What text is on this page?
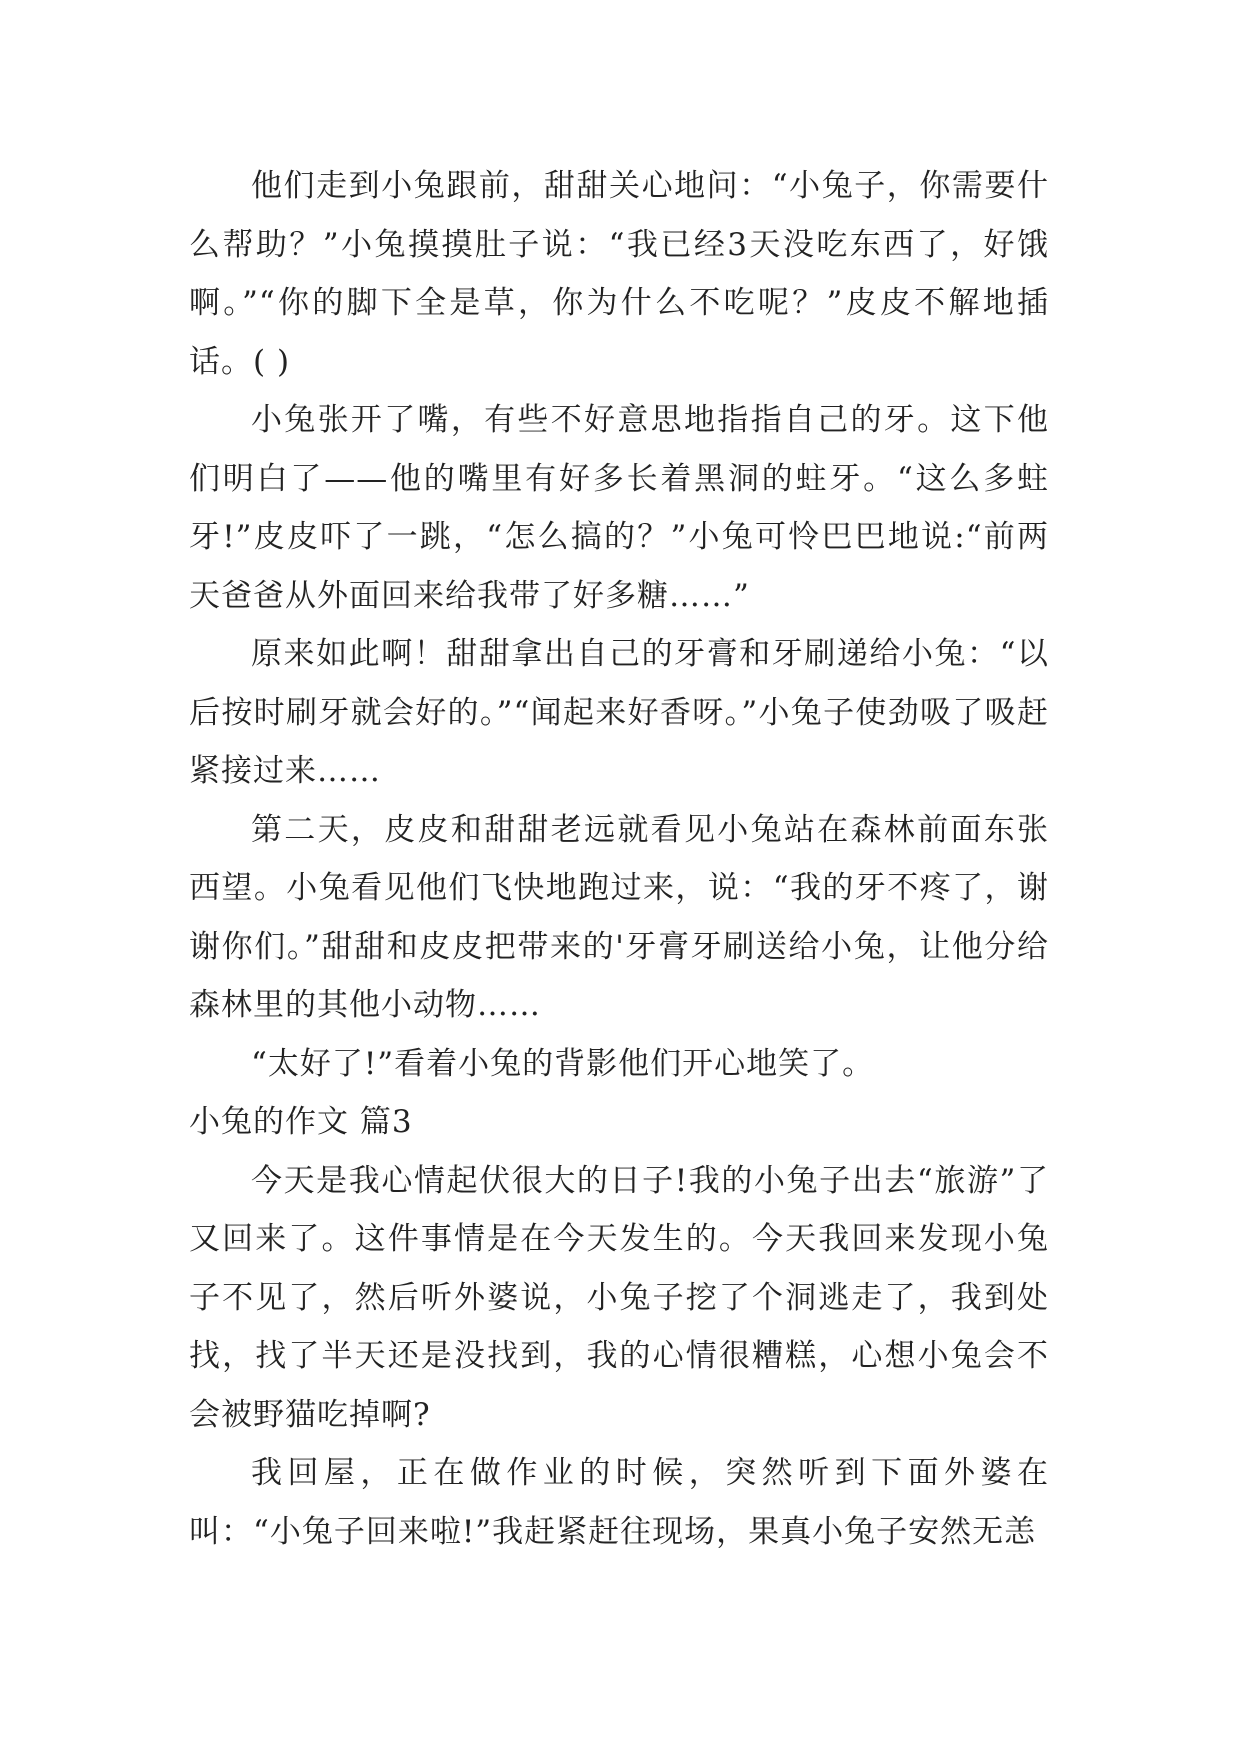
他们走到小兔跟前，甜甜关心地问：“小兔子，你需要什么帮助？”小兔摸摸肚子说：“我已经3天没吃东西了，好饿啊。”“你的脚下全是草，你为什么不吃呢？”皮皮不解地插话。( )

小兔张开了嘴，有些不好意思地指指自己的牙。这下他们明白了——他的嘴里有好多长着黑洞的蛀牙。“这么多蛀牙!”皮皮吓了一跳，“怎么搞的？”小兔可怜巴巴地说:“前两天爸爸从外面回来给我带了好多糖……”

原来如此啊！甜甜拿出自己的牙膏和牙刷递给小兔：“以后按时刷牙就会好的。”“闻起来好香呀。”小兔子使劲吸了吸赶紧接过来……

第二天，皮皮和甜甜老远就看见小兔站在森林前面东张西望。小兔看见他们飞快地跑过来，说：“我的牙不疼了，谢谢你们。”甜甜和皮皮把带来的'牙膏牙刷送给小兔，让他分给森林里的其他小动物……

“太好了!”看着小兔的背影他们开心地笑了。

小兔的作文 篇3

今天是我心情起伏很大的日子!我的小兔子出去“旅游”了又回来了。这件事情是在今天发生的。今天我回来发现小兔子不见了，然后听外婆说，小兔子挖了个洞逃走了，我到处找，找了半天还是没找到，我的心情很糟糕，心想小兔会不会被野猫吃掉啊?

我回屋，正在做作业的时候，突然听到下面外婆在叫：“小兔子回来啦!”我赶紧赶往现场，果真小兔子安然无恙
